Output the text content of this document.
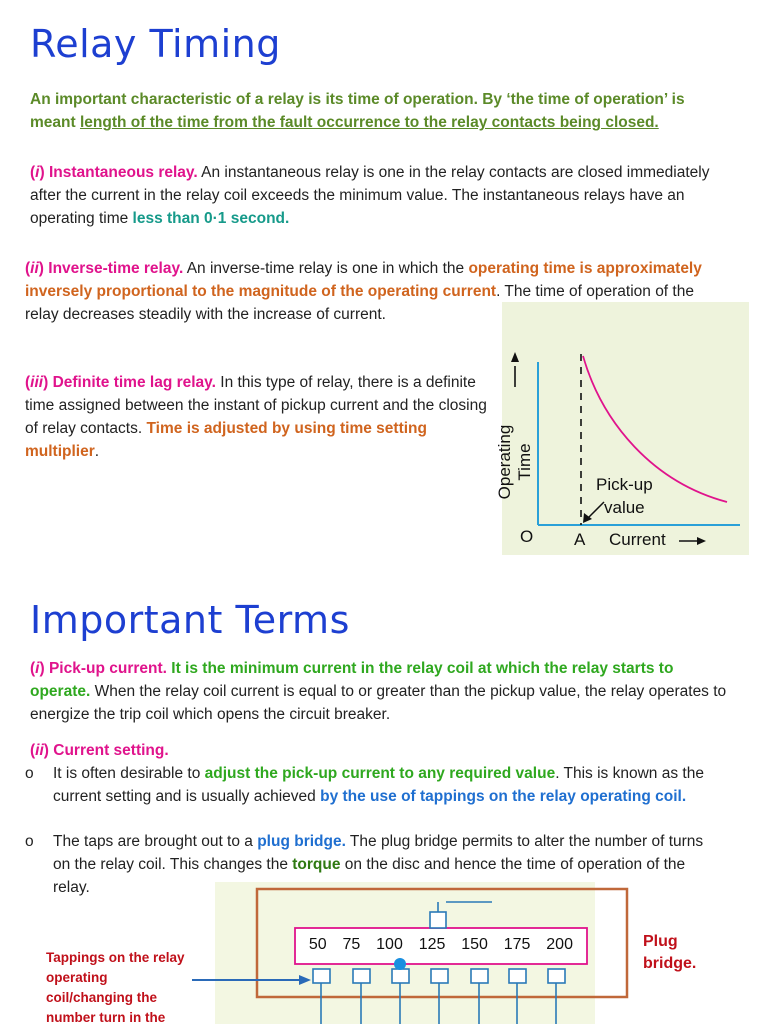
Relay Timing
An important characteristic of a relay is its time of operation. By ‘the time of operation’ is meant length of the time from the fault occurrence to the relay contacts being closed.
(i) Instantaneous relay. An instantaneous relay is one in the relay contacts are closed immediately after the current in the relay coil exceeds the minimum value. The instantaneous relays have an operating time less than 0·1 second.
(ii) Inverse-time relay. An inverse-time relay is one in which the operating time is approximately inversely proportional to the magnitude of the operating current. The time of operation of the relay decreases steadily with the increase of current.
(iii) Definite time lag relay. In this type of relay, there is a definite time assigned between the instant of pickup current and the closing of relay contacts. Time is adjusted by using time setting multiplier.	Operating Time
O A Current
Pick-up
value
Important Terms
(i) Pick-up current. It is the minimum current in the relay coil at which the relay starts to operate. When the relay coil current is equal to or greater than the pickup value, the relay operates to energize the trip coil which opens the circuit breaker.
(ii) Current setting.
o It is often desirable to adjust the pick-up current to any required value. This is known as the current setting and is usually achieved by the use of tappings on the relay operating coil.
o The taps are brought out to a plug bridge. The plug bridge permits to alter the number of turns on the relay coil. This changes the torque on the disc and hence the time of operation of the relay.
50 75 100 125 150 175 200	Plug
bridge.
Tappings on the relay operating coil/changing the number turn in the
